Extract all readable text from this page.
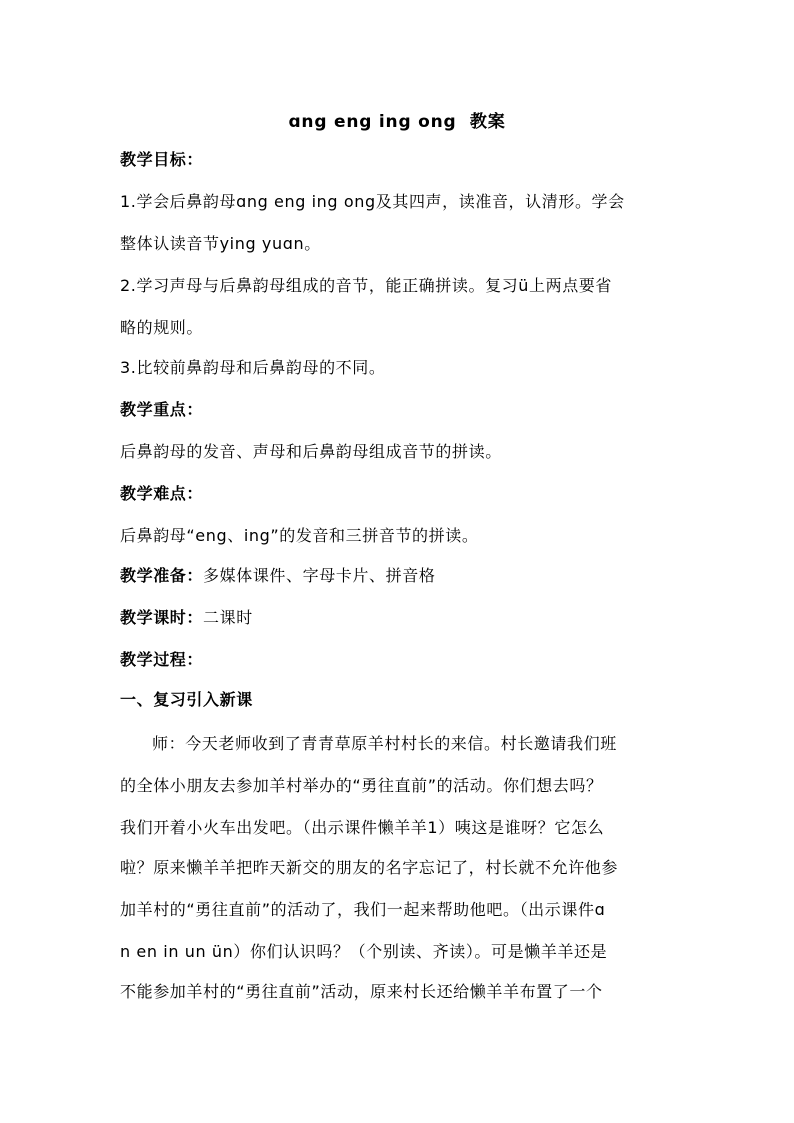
ɑng eng ing ong  教案
教学目标：
1.学会后鼻韵母ɑng eng ing ong及其四声，读准音，认清形。学会
整体认读音节ying yuɑn。
2.学习声母与后鼻韵母组成的音节，能正确拼读。复习ü上两点要省
略的规则。
3.比较前鼻韵母和后鼻韵母的不同。
教学重点：
后鼻韵母的发音、声母和后鼻韵母组成音节的拼读。
教学难点：
后鼻韵母“eng、ing”的发音和三拼音节的拼读。
教学准备：多媒体课件、字母卡片、拼音格
教学课时：二课时
教学过程：
一、复习引入新课
师：今天老师收到了青青草原羊村村长的来信。村长邀请我们班
的全体小朋友去参加羊村举办的“勇往直前”的活动。你们想去吗？
我们开着小火车出发吧。（出示课件懒羊羊1）咦这是谁呀？它怎么
啦？原来懒羊羊把昨天新交的朋友的名字忘记了，村长就不允许他参
加羊村的“勇往直前”的活动了，我们一起来帮助他吧。（出示课件ɑ
n en in un ün）你们认识吗？（个别读、齐读）。可是懒羊羊还是
不能参加羊村的“勇往直前”活动，原来村长还给懒羊羊布置了一个
